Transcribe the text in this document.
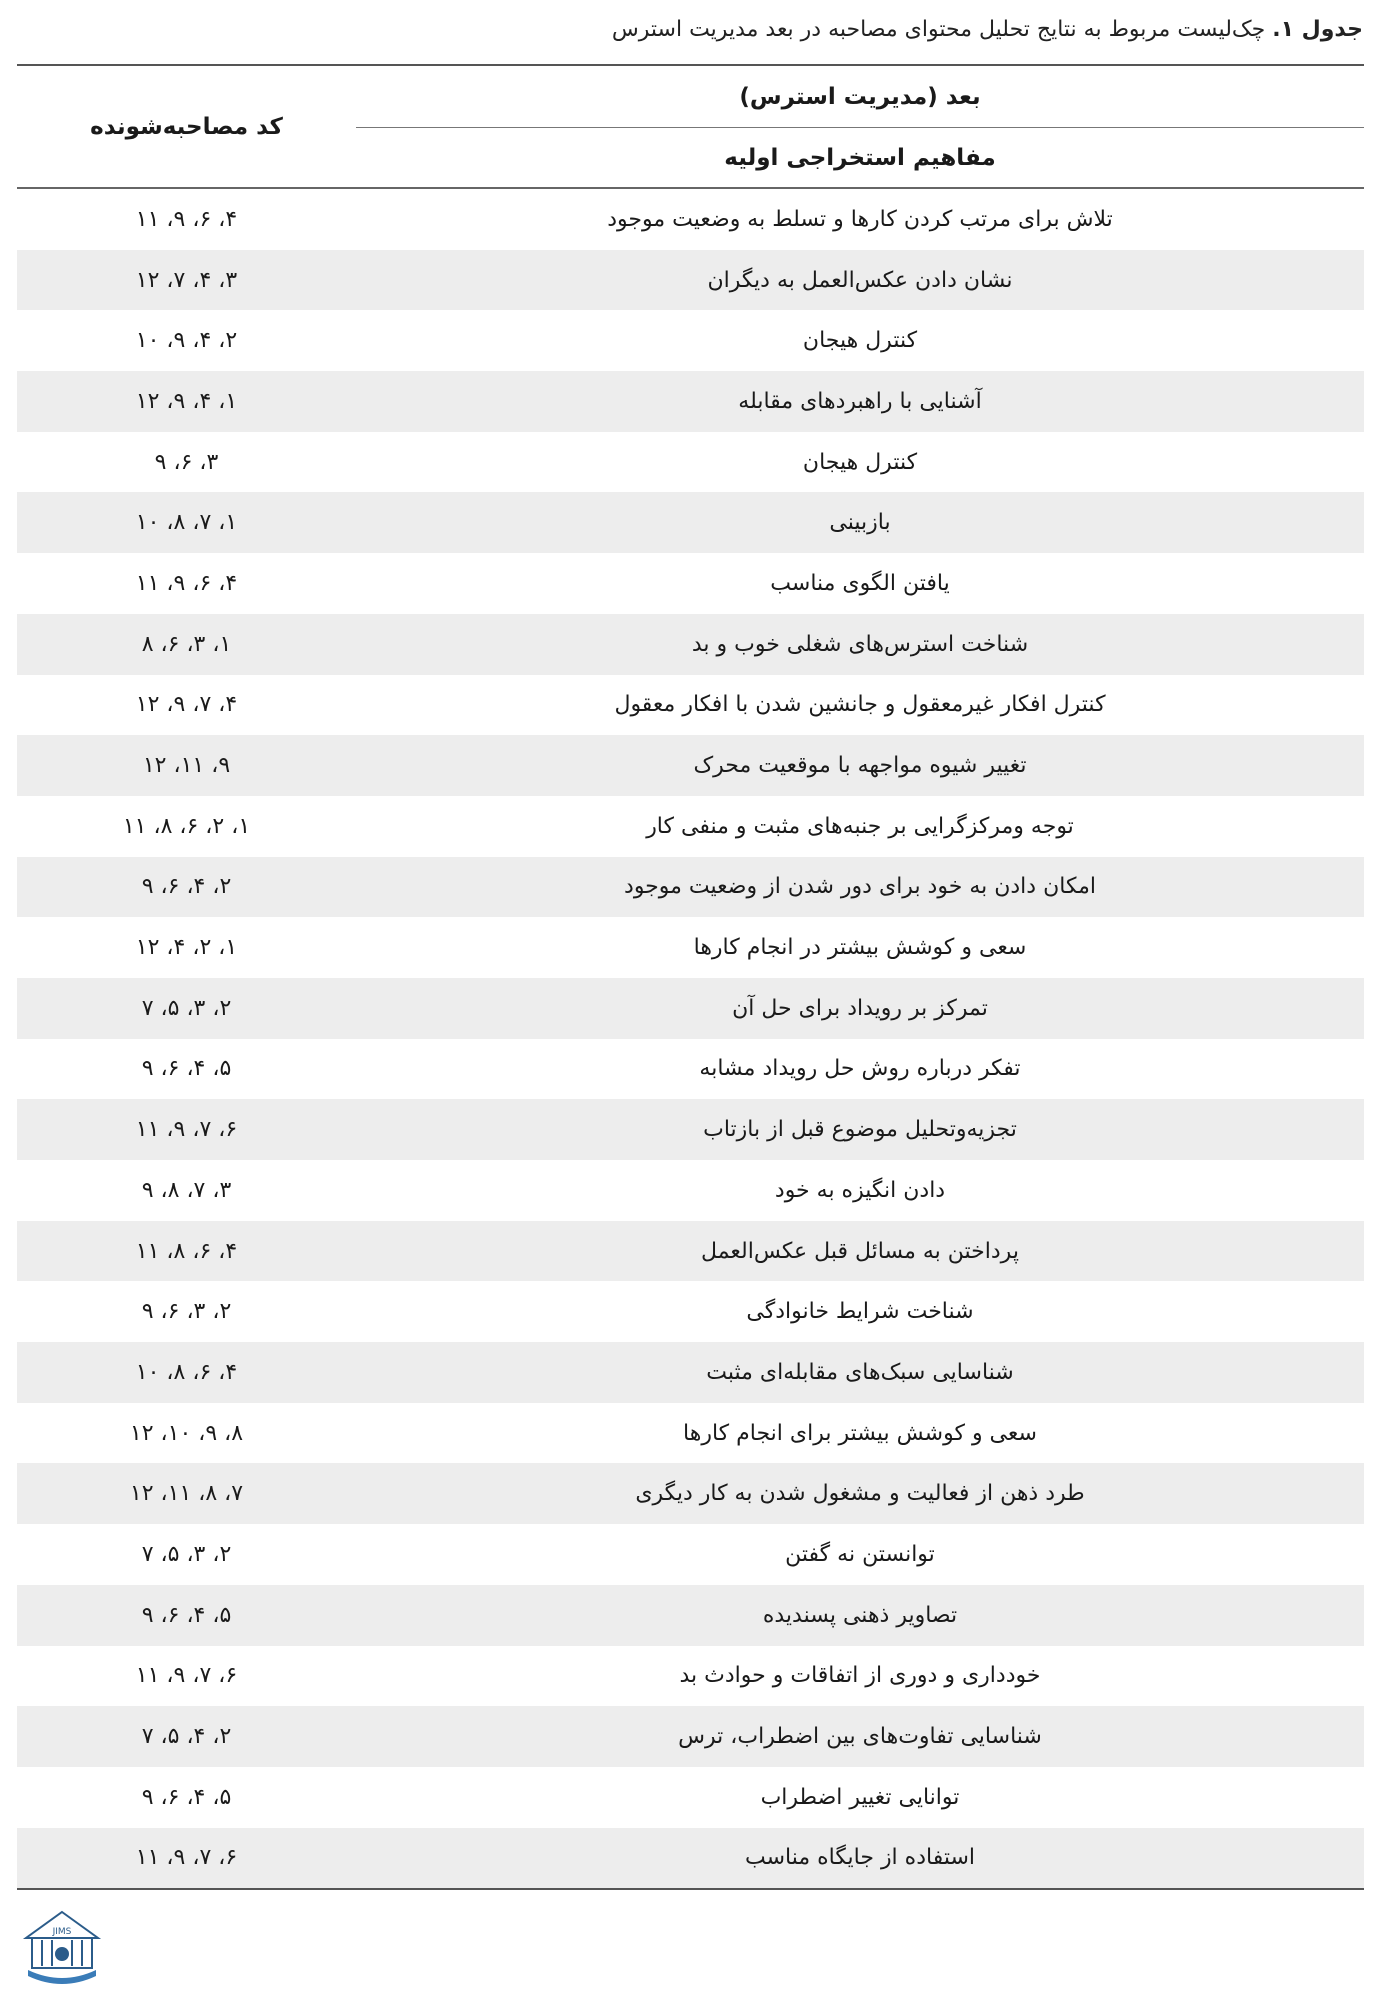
جدول ۱. چک‌لیست مربوط به نتایج تحلیل محتوای مصاحبه در بعد مدیریت استرس
بعد (مدیریت استرس)
مفاهیم استخراجی اولیه
کد مصاحبه‌شونده
تلاش برای مرتب کردن کارها و تسلط به وضعیت موجود
۴، ۶، ۹، ۱۱
نشان دادن عکس‌العمل به دیگران
۳، ۴، ۷، ۱۲
کنترل هیجان
۲، ۴، ۹، ۱۰
آشنایی با راهبردهای مقابله
۱، ۴، ۹، ۱۲
کنترل هیجان
۳، ۶، ۹
بازبینی
۱، ۷، ۸، ۱۰
یافتن الگوی مناسب
۴، ۶، ۹، ۱۱
شناخت استرس‌های شغلی خوب و بد
۱، ۳، ۶، ۸
کنترل افکار غیرمعقول و جانشین شدن با افکار معقول
۴، ۷، ۹، ۱۲
تغییر شیوه مواجهه با موقعیت محرک
۹، ۱۱، ۱۲
توجه ومرکزگرایی بر جنبه‌های مثبت و منفی کار
۱، ۲، ۶، ۸، ۱۱
امکان دادن به خود برای دور شدن از وضعیت موجود
۲، ۴، ۶، ۹
سعی و کوشش بیشتر در انجام کارها
۱، ۲، ۴، ۱۲
تمرکز بر رویداد برای حل آن
۲، ۳، ۵، ۷
تفکر درباره روش حل رویداد مشابه
۵، ۴، ۶، ۹
تجزیه‌وتحلیل موضوع قبل از بازتاب
۶، ۷، ۹، ۱۱
دادن انگیزه به خود
۳، ۷، ۸، ۹
پرداختن به مسائل قبل عکس‌العمل
۴، ۶، ۸، ۱۱
شناخت شرایط خانوادگی
۲، ۳، ۶، ۹
شناسایی سبک‌های مقابله‌ای مثبت
۴، ۶، ۸، ۱۰
سعی و کوشش بیشتر برای انجام کارها
۸، ۹، ۱۰، ۱۲
طرد ذهن از فعالیت و مشغول شدن به کار دیگری
۷، ۸، ۱۱، ۱۲
توانستن نه گفتن
۲، ۳، ۵، ۷
تصاویر ذهنی پسندیده
۵، ۴، ۶، ۹
خودداری و دوری از اتفاقات و حوادث بد
۶، ۷، ۹، ۱۱
شناسایی تفاوت‌های بین اضطراب، ترس
۲، ۴، ۵، ۷
توانایی تغییر اضطراب
۵، ۴، ۶، ۹
استفاده از جایگاه مناسب
۶، ۷، ۹، ۱۱
JIMS
